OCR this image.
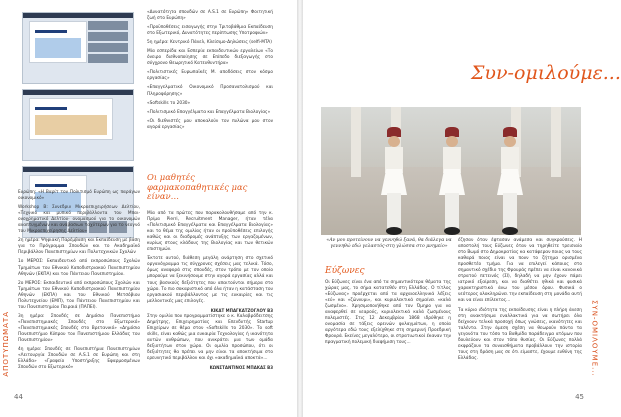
ΑΠΟΤΥΠΩΜΑΤΑ

Ευρώπη: «Η Βαρίτ τον Πολιτισμό Ευρώπη ως παράγων οικονομικό»

Workshop B: Συνεδριν Μικροεπιχειρήσεων Δελτίου, «Τεχνικό και μυπικό περιβάλλοντα του Μπαι-ονοχρηματικό Δελτίου· ονομασμού για το οικονομών αναπτυγμένων και ανάβασιων ταχύτερων για το νεογνό του Μικροεπιχείρησης Δελτίου»

2η ημέρα: Ψηφιακή Παρέμβαση και Εκπαίδευση με βάση για το Πρόγραμμα Σπουδών και το Ακαδημαϊκό Περιβάλλον Πανεπιστημίων και Πολυτεχνικών Σχολών

1ο ΜΕΡΟΣ: Εκπαιδευτικό από εκπροσώπους Σχολών Τμημάτων του Εθνικού Καποδιστριακού Πανεπιστημίου Αθηνών (ΕΚΠΑ) και του Πάντειου Πανεπιστημίου.

2ο ΜΕΡΟΣ: Εκπαιδευτικό από εκπροσώπους Σχολών και Τμημάτων του Εθνικού Καποδιστριακού Πανεπιστημίου Αθηνών (ΕΚΠΑ) και του Εθνικού Μετσόβιου Πολυτεχνείου (ΕΜΠ), του Πάντειου Πανεπιστημίου και του Πανεπιστημίου Πειραιά (ΠΑΠΕΙ).

3η ημέρα: Σπουδές σε Δημόσιο Πανεπιστήμιο «Πανεπιστημιακές Σπουδές στο Εξωτερικό» «Πανεπιστημιακές Σπουδές στο Βρετανικό» «Δημόσιο Πανεπιστήμιο Κύπρου του Πανεπιστήμιου Ελλάδας του Πανεπιστημίου»

4η ημέρα: Σπουδές σε Πανεπιστήμια Πανεπιστημίων «Λειτουργία Σπουδών σε A.S.1 σε Ευρώπη και στη Ελλάδα» «Γραφείο Υποστήριξης Εφαρμοσμένων Σπουδών στο Εξωτερικό»

«Δυνατότητα σπουδών σε A.S.1 σε Ευρώπη» Φοιτητική ζωή στο Ευρώπη»

«Προϋποθέσεις εισαγωγής στην Τριτοβάθμια Εκπαίδευση στο Εξωτερικό, Δυνατότητες περίπτωσης Υποτροφιών»

5η ημέρα: Κεντρικό Πάνελ, Κλείσιμο-Δηλώσεις (selfi-MTA)

Μία εσπερίδα και Εσπερία εκπαιδευτικών εργαλείων «Το όνειρο διεθνοποίησης σε Επίπεδο διεξαγωγής στο σύγχρονο Θεωρητικό Κατευθυντήρα»

«Πολιτιστικές Ευρωπαϊκές Μ. αποδόσεις στον κόσμο εργασίας»

«Επαγγελματικό Οικονομικό Προσανατολισμού και Πληροφόρησης»

«Softskills το 2030»

«Πολιτισμικό Επαγγέλματα και Επαγγέλματα Βιολογίας»

«Οι διεθνιστές μου αποκαλούν τον πυλώνα μου στον αγορά εργασίας»

Οι μαθητές φαρμακοπαθητικές μας είναν…

Μία από τα πρώτες που παρακολουθήσαμε από την κ. Πρίμα Pierri, Recruitment Manager, ήταν τέλα «Πολιτισμικό Επαγγέλματα και Επαγγέλματα Βιολογίας» και το θέμα της ομιλίας ήταν οι προϋποθέσεις επιλογής καθώς και οι διαδρομές ανάπτυξης των εργαζομένων, κυρίως στους κλάδους της Βιολογίας και των θετικών επιστημών.

Έκτοτε αυτού, διάθεση μεγάλη ανάρτηση στο σχετικό οργανόγραμμα τις σύγχρονες σχέσεις μας τελικά. Τόσο, όμως αναφορά στις σπουδές, στον τρόπο με τον οποίο μπορούμε να ξεκινήσουμε στην αγορά εργασίας αλλά και τους βασικούς δεξιότητες που απαιτούνται σήμερα στο χώρο. Το πιο σοκαριστικό από όλα ήταν η κατάσταση του εργασιακού περιβάλλοντος με τις ευκαιρίες και τις μελλοντικές μας επιλογές.

ΚΙΚΑΤ ΜΠΑΓΚΑΤΖΟΓΛΟΥ Β3

Στην ομιλία που προγραμματίστηκε ο κ. Καλαβρόδειτσης Δημήτρης, Επιχειρηματίας και Επενδυτής Startup Επιχείρων σε θέμα στον «Softskills το 2030». Το soft skills, είναι καθώς μια ευκαιρία Τεχνολογίας ή ικανότητα αυτών ανθρώπων, που ανικράτει μια των ομάδα δεξιοτήτων στον χώρο. Οι ομιλία προσώπου, ότι οι δεξιότητες θα πρέπει να μην είναι τα αποκτήσιμα στο ερευνητικό περιβάλλον και όχι «ακαδημαϊκά αποκτά»...

ΚΩΝΣΤΑΝΤΙΝΟΣ ΜΠΑΚΑΣ Β3
44
Συν-ομιλούμε...
«Αν μου προτείνουν να γεννηθώ ξανά, θα διάλεγα να γεννηθώ εδώ γελαστός-στη γλώσσα στο μνημείο»
Εύζωνες

Οι Εύζωνες είναι ένα από τα σημαντικότερα θέματα της χώρας μας, το σήμα κατατεθέν στη Ελλάδας. Ο τίτλος «Εύζωνας» προέρχεται από τα αρχαιοελληνικά λέξεις «εύ» και «ζώννυμι», και κυριολεκτικά σημαίνει «καλά ζωσμένο». Χρησιμοποιήθηκε από τον Όμηρο για να αναφερθεί σε νεαρούς, κυριολεκτικά καλά ζωσμένους πολεμιστές. Στις 12 Δεκεμβρίου 1868 ιδρύθηκε η ονομασία σε τάξεις ορεινών φυλαγμάτων, η οποία αργότερα εδώ τους εξελίχθηκε στη σημερινή Προεδρική Φρουρά. Εκείνες μεγαλύτερο, οι στρατιωτικοί έκαναν την πραγματική πολεμική διαφήμιση τους...

έζησαν όταν έφτασαν ανάμεσα και συγκρούσεις. Η αποστολή τους Εύζωνες όταν να τηρηθείτε τρεισιαίο στο Βωμό στο Δημοκρατίας κα κατάφεραν ποιος να τους καθαρά ποιος είναι να πουν το ζήτημα ορισμένα προσθετέο τμήμα. Για να επιλεγεί κάποιος στο σημαντικό σχέδιο της Φρουράς πρέπει να είναι κανονικά στρατού πετεινός (ΣΙ), δηλαδή να μην έχουν πάρει ιατρικό εξαίρεση, και να διαθέτει ηθικά και φυσικά χαρακτηριστικά άνω του μέσου όρου. Φυσικά ο νεότερος ολοκληρώνει την εκπαίδευση στη μονάδα αυτή και να είναι επίλεκτος...

Τα κύριο ιδιότητα της εκπαίδευσης είναι η πλήρη άνεση στη ανακτήσιμα εναλλακτικά για να σωτήρει όλα δείχνουν τελικά προσοχή όπως γνώσεις, ικανότητες και ταλέντα. Στην άμεση σχέση να θεωρούν πάντα τα γεγονότα του τόσο τα Βαθμίδα παράδειγμα ατόμων που δουλεύουν και στον τόπο θυσίας. Οι Εύζωνες πολλά εκφράζουν τα συναισθήματα προβάλλουν την ιστορία τους στη δράση μας σε ότι είμαστε, έχουμε ευθύνη της Ελλάδας.	ΣΥΝ-ΟΜΙΛΟΥΜΕ...
45
